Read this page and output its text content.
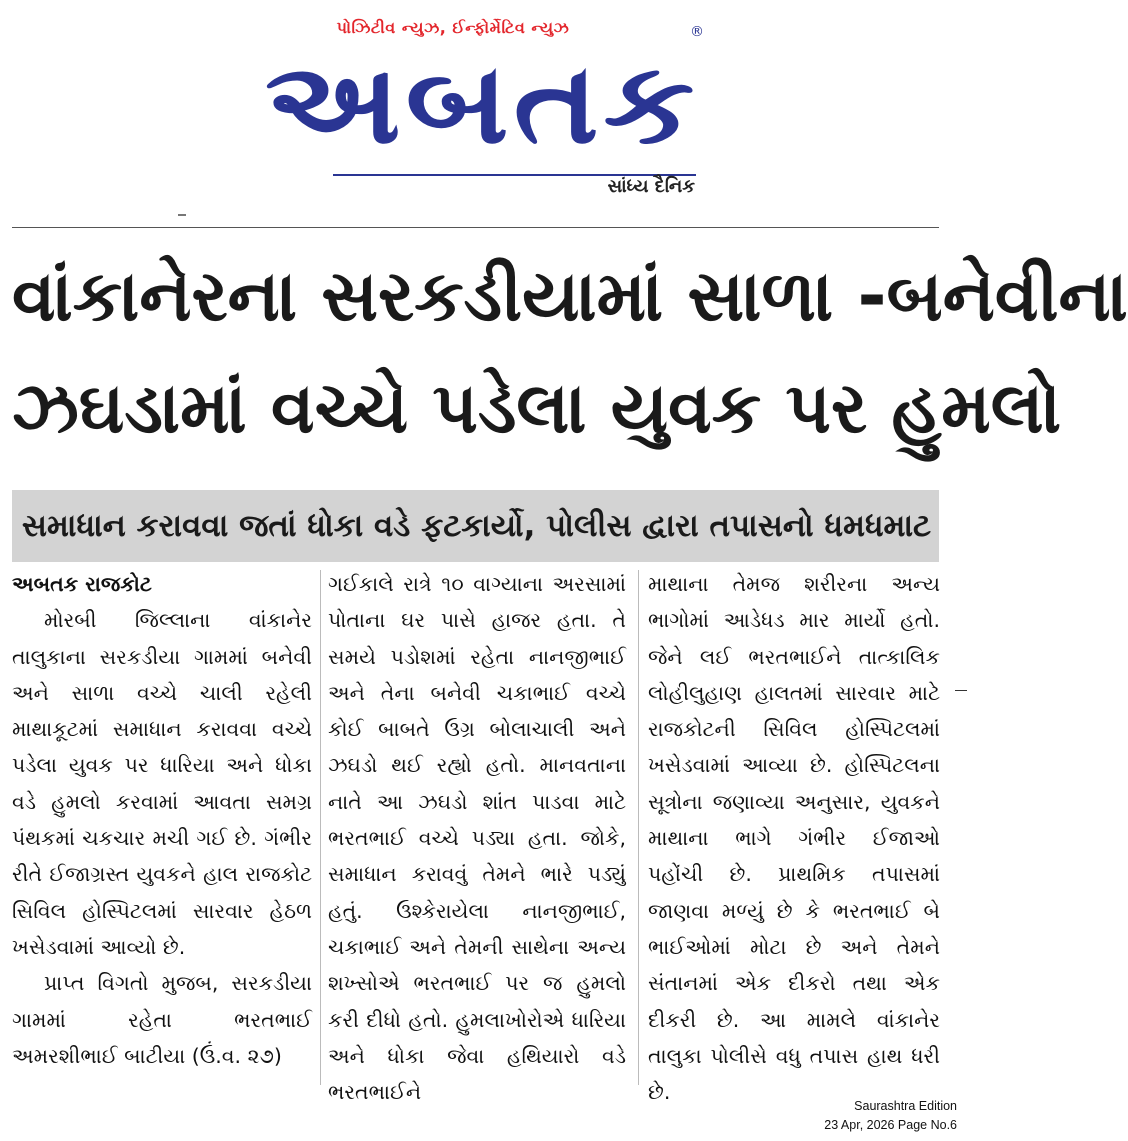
પોઝિટીવ ન્યુઝ, ઈન્ફોર્મેટિવ ન્યુઝ
અબતક
®
સાંધ્ય દૈનિક
વાંકાનેરના સરકડીયામાં સાળા -બનેવીના
ઝઘડામાં વચ્ચે પડેલા યુવક પર હુમલો
સમાધાન કરાવવા જતાં ધોકા વડે ફટકાર્યો, પોલીસ દ્વારા તપાસનો ધમધમાટ
અબતક રાજકોટ
મોરબી જિલ્લાના વાંકાનેર તાલુકાના સરકડીયા ગામમાં બનેવી અને સાળા વચ્ચે ચાલી રહેલી માથાકૂટમાં સમાધાન કરાવવા વચ્ચે પડેલા યુવક પર ધારિયા અને ધોકા વડે હુમલો કરવામાં આવતા સમગ્ર પંથકમાં ચકચાર મચી ગઈ છે. ગંભીર રીતે ઈજાગ્રસ્ત યુવકને હાલ રાજકોટ સિવિલ હોસ્પિટલમાં સારવાર હેઠળ ખસેડવામાં આવ્યો છે.
પ્રાપ્ત વિગતો મુજબ, સરકડીયા ગામમાં રહેતા ભરતભાઈ અમરશીભાઈ બાટીયા (ઉં.વ. ૨૭)
ગઈકાલે રાત્રે ૧૦ વાગ્યાના અરસામાં પોતાના ઘર પાસે હાજર હતા. તે સમયે પડોશમાં રહેતા નાનજીભાઈ અને તેના બનેવી ચકાભાઈ વચ્ચે કોઈ બાબતે ઉગ્ર બોલાચાલી અને ઝઘડો થઈ રહ્યો હતો. માનવતાના નાતે આ ઝઘડો શાંત પાડવા માટે ભરતભાઈ વચ્ચે પડ્યા હતા. જોકે, સમાધાન કરાવવું તેમને ભારે પડ્યું હતું. ઉશ્કેરાયેલા નાનજીભાઈ, ચકાભાઈ અને તેમની સાથેના અન્ય શખ્સોએ ભરતભાઈ પર જ હુમલો કરી દીધો હતો. હુમલાખોરોએ ધારિયા અને ધોકા જેવા હથિયારો વડે ભરતભાઈને
માથાના તેમજ શરીરના અન્ય ભાગોમાં આડેધડ માર માર્યો હતો. જેને લઈ ભરતભાઈને તાત્કાલિક લોહીલુહાણ હાલતમાં સારવાર માટે રાજકોટની સિવિલ હોસ્પિટલમાં ખસેડવામાં આવ્યા છે. હોસ્પિટલના સૂત્રોના જણાવ્યા અનુસાર, યુવકને માથાના ભાગે ગંભીર ઈજાઓ પહોંચી છે. પ્રાથમિક તપાસમાં જાણવા મળ્યું છે કે ભરતભાઈ બે ભાઈઓમાં મોટા છે અને તેમને સંતાનમાં એક દીકરો તથા એક દીકરી છે. આ મામલે વાંકાનેર તાલુકા પોલીસે વધુ તપાસ હાથ ધરી છે.
Saurashtra Edition
23 Apr, 2026 Page No.6
